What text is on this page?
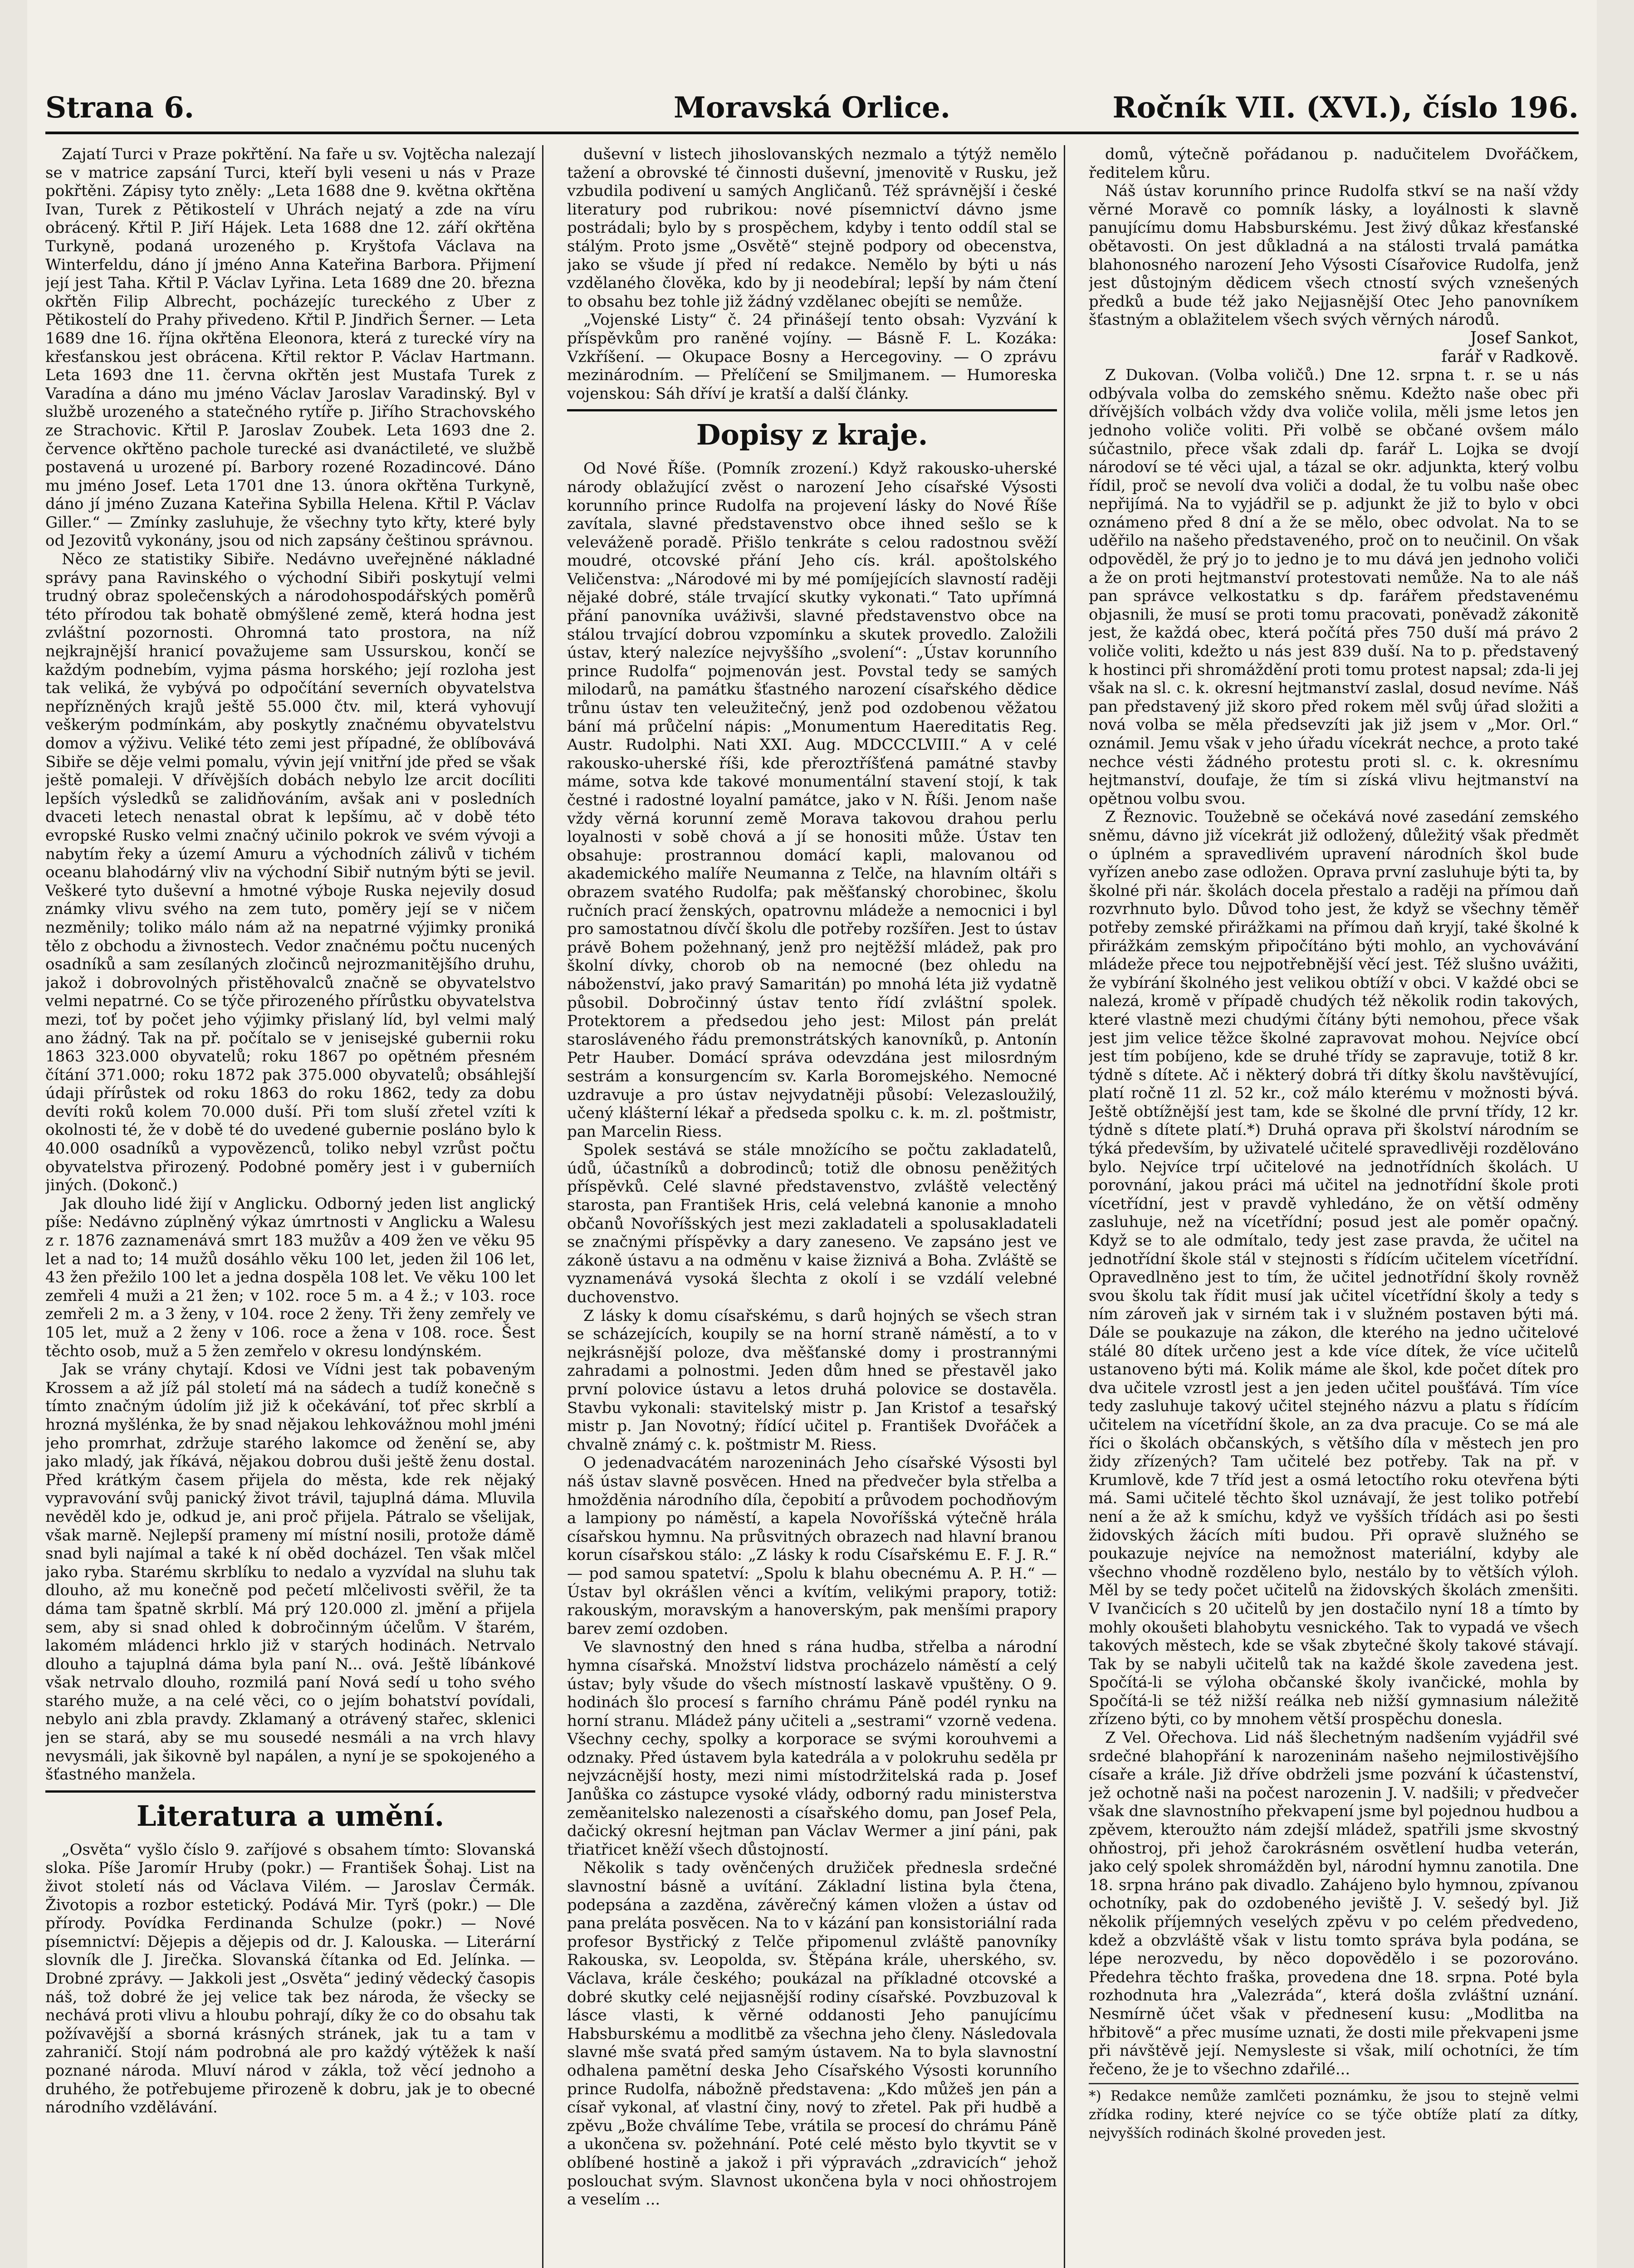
Strana 6.	Moravská Orlice.	Ročník VII. (XVI.), číslo 196.

Zajatí Turci v Praze pokřtění. Na faře u sv. Vojtěcha nalezají se v matrice zapsání Turci, kteří byli veseni u nás v Praze pokřtěni. Zápisy tyto zněly: „Leta 1688 dne 9. května okřtěna Ivan, Turek z Pětikostelí v Uhrách nejatý a zde na víru obrácený. Křtil P. Jiří Hájek. Leta 1688 dne 12. září okřtěna Turkyně, podaná urozeného p. Kryštofa Václava na Winterfeldu, dáno jí jméno Anna Kateřina Barbora. Přijmení její jest Taha. Křtil P. Václav Lyřina. Leta 1689 dne 20. března okřtěn Filip Albrecht, pocházejíc tureckého z Uber z Pětikostelí do Prahy přivedeno. Křtil P. Jindřich Šerner. — Leta 1689 dne 16. října okřtěna Eleonora, která z turecké víry na křesťanskou jest obrácena. Křtil rektor P. Václav Hartmann. Leta 1693 dne 11. června okřtěn jest Mustafa Turek z Varadína a dáno mu jméno Václav Jaroslav Varadinský. Byl v službě urozeného a statečného rytíře p. Jiřího Strachovského ze Strachovic. Křtil P. Jaroslav Zoubek. Leta 1693 dne 2. července okřtěno pachole turecké asi dvanáctileté, ve službě postavená u urozené pí. Barbory rozené Rozadincové. Dáno mu jméno Josef. Leta 1701 dne 13. února okřtěna Turkyně, dáno jí jméno Zuzana Kateřina Sybilla Helena. Křtil P. Václav Giller.“ — Zmínky zasluhuje, že všechny tyto křty, které byly od Jezovitů vykonány, jsou od nich zapsány češtinou správnou.

Něco ze statistiky Sibiře. Nedávno uveřejněné nákladné správy pana Ravinského o východní Sibiři poskytují velmi trudný obraz společenských a národohospodářských poměrů této přírodou tak bohatě obmýšlené země, která hodna jest zvláštní pozornosti. Ohromná tato prostora, na níž nejkrajnější hranicí považujeme sam Ussurskou, končí se každým podnebím, vyjma pásma horského; její rozloha jest tak veliká, že vybývá po odpočítání severních obyvatelstva nepřízněných krajů ještě 55.000 čtv. mil, která vyhovují veškerým podmínkám, aby poskytly značnému obyvatelstvu domov a výživu. Veliké této zemi jest případné, že oblíbovává Sibiře se děje velmi pomalu, vývin její vnitřní jde před se však ještě pomaleji. V dřívějších dobách nebylo lze arcit docíliti lepších výsledků se zalidňováním, avšak ani v posledních dvaceti letech nenastal obrat k lepšímu, ač v době této evropské Rusko velmi značný učinilo pokrok ve svém vývoji a nabytím řeky a území Amuru a východních zálivů v tichém oceanu blahodárný vliv na východní Sibiř nutným býti se jevil. Veškeré tyto duševní a hmotné výboje Ruska nejevily dosud známky vlivu svého na zem tuto, poměry její se v ničem nezměnily; toliko málo nám až na nepatrné výjimky proniká tělo z obchodu a živnostech. Vedor značnému počtu nucených osadníků a sam zesílaných zločinců nejrozmanitějšího druhu, jakož i dobrovolných přistěhovalců značně se obyvatelstvo velmi nepatrné. Co se týče přirozeného přírůstku obyvatelstva mezi, toť by počet jeho výjimky přislaný líd, byl velmi malý ano žádný. Tak na př. počítalo se v jenisejské gubernii roku 1863 323.000 obyvatelů; roku 1867 po opětném přesném čítání 371.000; roku 1872 pak 375.000 obyvatelů; obsáhlejší údaji přírůstek od roku 1863 do roku 1862, tedy za dobu devíti roků kolem 70.000 duší. Při tom sluší zřetel vzíti k okolnosti té, že v době té do uvedené gubernie posláno bylo k 40.000 osadníků a vypovězenců, toliko nebyl vzrůst počtu obyvatelstva přirozený. Podobné poměry jest i v guberniích jiných. (Dokonč.)

Jak dlouho lidé žijí v Anglicku. Odborný jeden list anglický píše: Nedávno zúplněný výkaz úmrtnosti v Anglicku a Walesu z r. 1876 zaznamenává smrt 183 mužův a 409 žen ve věku 95 let a nad to; 14 mužů dosáhlo věku 100 let, jeden žil 106 let, 43 žen přežilo 100 let a jedna dospěla 108 let. Ve věku 100 let zemřeli 4 muži a 21 žen; v 102. roce 5 m. a 4 ž.; v 103. roce zemřeli 2 m. a 3 ženy, v 104. roce 2 ženy. Tři ženy zemřely ve 105 let, muž a 2 ženy v 106. roce a žena v 108. roce. Šest těchto osob, muž a 5 žen zemřelo v okresu londýnském.

Jak se vrány chytají. Kdosi ve Vídni jest tak pobaveným Krossem a až jíž pál století má na sádech a tudíž konečně s tímto značným údolím již již k očekávání, toť přec skrblí a hrozná myšlénka, že by snad nějakou lehkovážnou mohl jméni jeho promrhat, zdržuje starého lakomce od ženění se, aby jako mladý, jak říkává, nějakou dobrou duši ještě ženu dostal. Před krátkým časem přijela do města, kde rek nějaký vypravování svůj panický život trávil, tajuplná dáma. Mluvila nevěděl kdo je, odkud je, ani proč přijela. Pátralo se všelijak, však marně. Nejlepší prameny mí místní nosili, protože dámě snad byli najímal a také k ní oběd docházel. Ten však mlčel jako ryba. Starému skrblíku to nedalo a vyzvídal na sluhu tak dlouho, až mu konečně pod pečetí mlčelivosti svěřil, že ta dáma tam špatně skrblí. Má prý 120.000 zl. jmění a přijela sem, aby si snad ohled k dobročinným účelům. V štarém, lakomém mládenci hrklo již v starých hodinách. Netrvalo dlouho a tajuplná dáma byla paní N... ová. Ještě líbánkové však netrvalo dlouho, rozmilá paní Nová sedí u toho svého starého muže, a na celé věci, co o jejím bohatství povídali, nebylo ani zbla pravdy. Zklamaný a otrávený stařec, sklenici jen se stará, aby se mu sousedé nesmáli a na vrch hlavy nevysmáli, jak šikovně byl napálen, a nyní je se spokojeného a šťastného manžela.

Literatura a umění.

„Osvěta“ vyšlo číslo 9. zaříjové s obsahem tímto: Slovanská sloka. Píše Jaromír Hruby (pokr.) — František Šohaj. List na život století nás od Václava Vilém. — Jaroslav Čermák. Životopis a rozbor estetický. Podává Mir. Tyrš (pokr.) — Dle přírody. Povídka Ferdinanda Schulze (pokr.) — Nové písemnictví: Dějepis a dějepis od dr. J. Kalouska. — Literární slovník dle J. Jirečka. Slovanská čítanka od Ed. Jelínka. — Drobné zprávy. — Jakkoli jest „Osvěta“ jediný vědecký časopis náš, tož dobré že jej velice tak bez národa, že všecky se nechává proti vlivu a hloubu pohrají, díky že co do obsahu tak požívavější a sborná krásných stránek, jak tu a tam v zahraničí. Stojí nám podrobná ale pro každý výtěžek k naší poznané národa. Mluví národ v zákla, tož věcí jednoho a druhého, že potřebujeme přirozeně k dobru, jak je to obecné národního vzdělávání.

duševní v listech jihoslovanských nezmalo a týtýž nemělo tažení a obrovské té činnosti duševní, jmenovitě v Rusku, jež vzbudila podivení u samých Angličanů. Též správnější i české literatury pod rubrikou: nové písemnictví dávno jsme postrádali; bylo by s prospěchem, kdyby i tento oddíl stal se stálým. Proto jsme „Osvětě“ stejně podpory od obecenstva, jako se všude jí před ní redakce. Nemělo by býti u nás vzdělaného člověka, kdo by ji neodebíral; lepší by nám čtení to obsahu bez tohle již žádný vzdělanec obejíti se nemůže.

„Vojenské Listy“ č. 24 přinášejí tento obsah: Vyzvání k příspěvkům pro raněné vojíny. — Básně F. L. Kozáka: Vzkříšení. — Okupace Bosny a Hercegoviny. — O zprávu mezinárodním. — Přelíčení se Smiljmanem. — Humoreska vojenskou: Sáh dříví je kratší a další články.

Dopisy z kraje.

Od Nové Říše. (Pomník zrození.) Když rakousko-uherské národy oblažující zvěst o narození Jeho císařské Výsosti korunního prince Rudolfa na projevení lásky do Nové Říše zavítala, slavné představenstvo obce ihned sešlo se k veleváženě poradě. Přišlo tenkráte s celou radostnou svěží moudré, otcovské přání Jeho cís. král. apoštolského Veličenstva: „Národové mi by mé pomíjejících slavností raději nějaké dobré, stále trvající skutky vykonati.“ Tato upřímná přání panovníka uváživši, slavné představenstvo obce na stálou trvající dobrou vzpomínku a skutek provedlo. Založili ústav, který nalezíce nejvyššího „svolení“: „Ústav korunního prince Rudolfa“ pojmenován jest. Povstal tedy se samých milodarů, na památku šťastného narození císařského dědice trůnu ústav ten veleužitečný, jenž pod ozdobenou věžatou bání má průčelní nápis: „Monumentum Haereditatis Reg. Austr. Rudolphi. Nati XXI. Aug. MDCCCLVIII.“ A v celé rakousko-uherské říši, kde přeroztříšťená památné stavby máme, sotva kde takové monumentální stavení stojí, k tak čestné i radostné loyalní památce, jako v N. Říši. Jenom naše vždy věrná korunní země Morava takovou drahou perlu loyalnosti v sobě chová a jí se honositi může. Ústav ten obsahuje: prostrannou domácí kapli, malovanou od akademického malíře Neumanna z Telče, na hlavním oltáři s obrazem svatého Rudolfa; pak měšťanský chorobinec, školu ručních prací ženských, opatrovnu mládeže a nemocnici i byl pro samostatnou dívčí školu dle potřeby rozšířen. Jest to ústav právě Bohem požehnaný, jenž pro nejtěžší mládež, pak pro školní dívky, chorob ob na nemocné (bez ohledu na náboženství, jako pravý Samaritán) po mnohá léta již vydatně působil. Dobročinný ústav tento řídí zvláštní spolek. Protektorem a předsedou jeho jest: Milost pán prelát starosláveného řádu premonstrátských kanovníků, p. Antonín Petr Hauber. Domácí správa odevzdána jest milosrdným sestrám a konsurgencím sv. Karla Boromejského. Nemocné uzdravuje a pro ústav nejvydatněji působí: Velezasloužilý, učený klášterní lékař a předseda spolku c. k. m. zl. poštmistr, pan Marcelin Riess.

Spolek sestává se stále množícího se počtu zakladatelů, údů, účastníků a dobrodinců; totiž dle obnosu peněžitých příspěvků. Celé slavné představenstvo, zvláště velectěný starosta, pan František Hris, celá velebná kanonie a mnoho občanů Novoříšských jest mezi zakladateli a spolusakladateli se značnými příspěvky a dary zaneseno. Ve zapsáno jest ve zákoně ústavu a na odměnu v kaise žiznivá a Boha. Zvláště se vyznamenává vysoká šlechta z okolí i se vzdálí velebné duchovenstvo.

Z lásky k domu císařskému, s darů hojných se všech stran se scházejících, koupily se na horní straně náměstí, a to v nejkrásnější poloze, dva měšťanské domy i prostrannými zahradami a polnostmi. Jeden dům hned se přestavěl jako první polovice ústavu a letos druhá polovice se dostavěla. Stavbu vykonali: stavitelský mistr p. Jan Kristof a tesařský mistr p. Jan Novotný; řídící učitel p. František Dvořáček a chvalně známý c. k. poštmistr M. Riess.

O jedenadvacátém narozeninách Jeho císařské Výsosti byl náš ústav slavně posvěcen. Hned na předvečer byla střelba a hmožděnia národního díla, čepobití a průvodem pochodňovým a lampiony po náměstí, a kapela Novoříšská výtečně hrála císařskou hymnu. Na průsvitných obrazech nad hlavní branou korun císařskou stálo: „Z lásky k rodu Císařskému E. F. J. R.“ — pod samou spatetví: „Spolu k blahu obecnému A. P. H.“ — Ústav byl okrášlen věnci a kvítím, velikými prapory, totiž: rakouským, moravským a hanoverským, pak menšími prapory barev zemí ozdoben.

Ve slavnostný den hned s rána hudba, střelba a národní hymna císařská. Množství lidstva procházelo náměstí a celý ústav; byly všude do všech místností laskavě vpuštěny. O 9. hodinách šlo procesí s farního chrámu Páně podél rynku na horní stranu. Mládež pány učiteli a „sestrami“ vzorně vedena. Všechny cechy, spolky a korporace se svými korouhvemi a odznaky. Před ústavem byla katedrála a v polokruhu seděla pr nejvzácnější hosty, mezi nimi místodržitelská rada p. Josef Janůška co zástupce vysoké vlády, odborný radu ministerstva zeměanitelsko nalezenosti a císařského domu, pan Josef Pela, dačický okresní hejtman pan Václav Wermer a jiní páni, pak třiatřicet kněží všech důstojností.

Několik s tady ověnčených družiček přednesla srdečné slavnostní básně a uvítání. Základní listina byla čtena, podepsána a zazděna, závěrečný kámen vložen a ústav od pana preláta posvěcen. Na to v kázání pan konsistoriální rada profesor Bystřický z Telče připomenul zvláště panovníky Rakouska, sv. Leopolda, sv. Štěpána krále, uherského, sv. Václava, krále českého; poukázal na příkladné otcovské a dobré skutky celé nejjasnější rodiny císařské. Povzbuzoval k lásce vlasti, k věrné oddanosti Jeho panujícímu Habsburskému a modlitbě za všechna jeho členy. Následovala slavné mše svatá před samým ústavem. Na to byla slavnostní odhalena pamětní deska Jeho Císařského Výsosti korunního prince Rudolfa, nábožně představena: „Kdo můžeš jen pán a císař vykonal, ať vlastní činy, nový to zřetel. Pak při hudbě a zpěvu „Bože chválíme Tebe, vrátila se procesí do chrámu Páně a ukončena sv. požehnání. Poté celé město bylo tkyvtit se v oblíbené hostině a jakož i při výpravách „zdravicích“ jehož poslouchat svým. Slavnost ukončena byla v noci ohňostrojem a veselím ...

domů, výtečně pořádanou p. nadučitelem Dvořáčkem, ředitelem kůru.

Náš ústav korunního prince Rudolfa stkví se na naší vždy věrné Moravě co pomník lásky, a loyálnosti k slavně panujícímu domu Habsburskému. Jest živý důkaz křesťanské obětavosti. On jest důkladná a na stálosti trvalá památka blahonosného narození Jeho Výsosti Císařovice Rudolfa, jenž jest důstojným dědicem všech ctností svých vznešených předků a bude též jako Nejjasnější Otec Jeho panovníkem šťastným a oblažitelem všech svých věrných národů.

Josef Sankot,
farář v Radkově.

Z Dukovan. (Volba voličů.) Dne 12. srpna t. r. se u nás odbývala volba do zemského sněmu. Kdežto naše obec při dřívějších volbách vždy dva voliče volila, měli jsme letos jen jednoho voliče voliti. Při volbě se občané ovšem málo súčastnilo, přece však zdali dp. farář L. Lojka se dvojí národoví se té věci ujal, a tázal se okr. adjunkta, který volbu řídil, proč se nevolí dva voliči a dodal, že tu volbu naše obec nepřijímá. Na to vyjádřil se p. adjunkt že již to bylo v obci oznámeno před 8 dní a že se mělo, obec odvolat. Na to se uděřilo na našeho představeného, proč on to neučinil. On však odpověděl, že prý jo to jedno je to mu dává jen jednoho voliči a že on proti hejtmanství protestovati nemůže. Na to ale náš pan správce velkostatku s dp. farářem představenému objasnili, že musí se proti tomu pracovati, poněvadž zákonitě jest, že každá obec, která počítá přes 750 duší má právo 2 voliče voliti, kdežto u nás jest 839 duší. Na to p. představený k hostinci při shromáždění proti tomu protest napsal; zda-li jej však na sl. c. k. okresní hejtmanství zaslal, dosud nevíme. Náš pan představený již skoro před rokem měl svůj úřad složiti a nová volba se měla předsevzíti jak již jsem v „Mor. Orl.“ oznámil. Jemu však v jeho úřadu vícekrát nechce, a proto také nechce vésti žádného protestu proti sl. c. k. okresnímu hejtmanství, doufaje, že tím si získá vlivu hejtmanství na opětnou volbu svou.

Z Řeznovic. Toužebně se očekává nové zasedání zemského sněmu, dávno již vícekrát již odložený, důležitý však předmět o úplném a spravedlivém upravení národních škol bude vyřízen anebo zase odložen. Oprava první zasluhuje býti ta, by školné při nár. školách docela přestalo a raději na přímou daň rozvrhnuto bylo. Důvod toho jest, že když se všechny těměř potřeby zemské přirážkami na přímou daň kryjí, také školné k přirážkám zemským připočítáno býti mohlo, an vychovávání mládeže přece tou nejpotřebnější věcí jest. Též slušno uvážiti, že vybírání školného jest velikou obtíží v obci. V každé obci se nalezá, kromě v případě chudých též několik rodin takových, které vlastně mezi chudými čítány býti nemohou, přece však jest jim velice těžce školné zapravovat mohou. Nejvíce obcí jest tím pobíjeno, kde se druhé třídy se zapravuje, totiž 8 kr. týdně s dítete. Ač i některý dobrá tři dítky školu navštěvující, platí ročně 11 zl. 52 kr., což málo kterému v možnosti bývá. Ještě obtížnější jest tam, kde se školné dle první třídy, 12 kr. týdně s dítete platí.*) Druhá oprava při školství národním se týká především, by uživatelé učitelé spravedlivěji rozdělováno bylo. Nejvíce trpí učitelové na jednotřídních školách. U porovnání, jakou práci má učitel na jednotřídní škole proti vícetřídní, jest v pravdě vyhledáno, že on větší odměny zasluhuje, než na vícetřídní; posud jest ale poměr opačný. Když se to ale odmítalo, tedy jest zase pravda, že učitel na jednotřídní škole stál v stejnosti s řídícím učitelem vícetřídní. Opravedlněno jest to tím, že učitel jednotřídní školy rovněž svou školu tak řídit musí jak učitel vícetřídní školy a tedy s ním zároveň jak v sirném tak i v služném postaven býti má. Dále se poukazuje na zákon, dle kterého na jedno učitelové stálé 80 dítek určeno jest a kde více dítek, že více učitelů ustanoveno býti má. Kolik máme ale škol, kde počet dítek pro dva učitele vzrostl jest a jen jeden učitel poušťává. Tím více tedy zasluhuje takový učitel stejného názvu a platu s řídícím učitelem na vícetřídní škole, an za dva pracuje. Co se má ale říci o školách občanských, s většího díla v městech jen pro židy zřízených? Tam učitelé bez potřeby. Tak na př. v Krumlově, kde 7 tříd jest a osmá letoctího roku otevřena býti má. Sami učitelé těchto škol uznávají, že jest toliko potřebí není a že až k smíchu, když ve vyšších třídách asi po šesti židovských žácích míti budou. Při opravě služného se poukazuje nejvíce na nemožnost materiální, kdyby ale všechno vhodně rozděleno bylo, nestálo by to větších výloh. Měl by se tedy počet učitelů na židovských školách zmenšiti. V Ivančicích s 20 učitelů by jen dostačilo nyní 18 a tímto by mohly okoušeti blahobytu vesnického. Tak to vypadá ve všech takových městech, kde se však zbytečné školy takové stávají. Tak by se nabyli učitelů tak na každé škole zavedena jest. Spočítá-li se výloha občanské školy ivančické, mohla by Spočítá-li se též nižší reálka neb nižší gymnasium náležitě zřízeno býti, co by mnohem větší prospěchu donesla.

Z Vel. Ořechova. Lid náš šlechetným nadšením vyjádřil své srdečné blahopřání k narozeninám našeho nejmilostivějšího císaře a krále. Již dříve obdrželi jsme pozvání k účastenství, jež ochotně naši na počest narozenin J. V. nadšili; v předvečer však dne slavnostního překvapení jsme byl pojednou hudbou a zpěvem, kteroužto nám zdejší mládež, spatřili jsme skvostný ohňostroj, při jehož čarokrásném osvětlení hudba veterán, jako celý spolek shromážděn byl, národní hymnu zanotila. Dne 18. srpna hráno pak divadlo. Zahájeno bylo hymnou, zpívanou ochotníky, pak do ozdobeného jeviště J. V. sešedý byl. Již několik příjemných veselých zpěvu v po celém předvedeno, kdež a obzvláště však v listu tomto správa byla podána, se lépe nerozvedu, by něco dopovědělo i se pozorováno. Předehra těchto fraška, provedena dne 18. srpna. Poté byla rozhodnuta hra „Valezráda“, která došla zvláštní uznání. Nesmírně účet však v přednesení kusu: „Modlitba na hřbitově“ a přec musíme uznati, že dosti mile překvapeni jsme při návštěvě její. Nemysleste si však, milí ochotníci, že tím řečeno, že je to všechno zdařilé...

*) Redakce nemůže zamlčeti poznámku, že jsou to stejně velmi zřídka rodiny, které nejvíce co se týče obtíže platí za dítky, nejvyšších rodinách školné proveden jest.
